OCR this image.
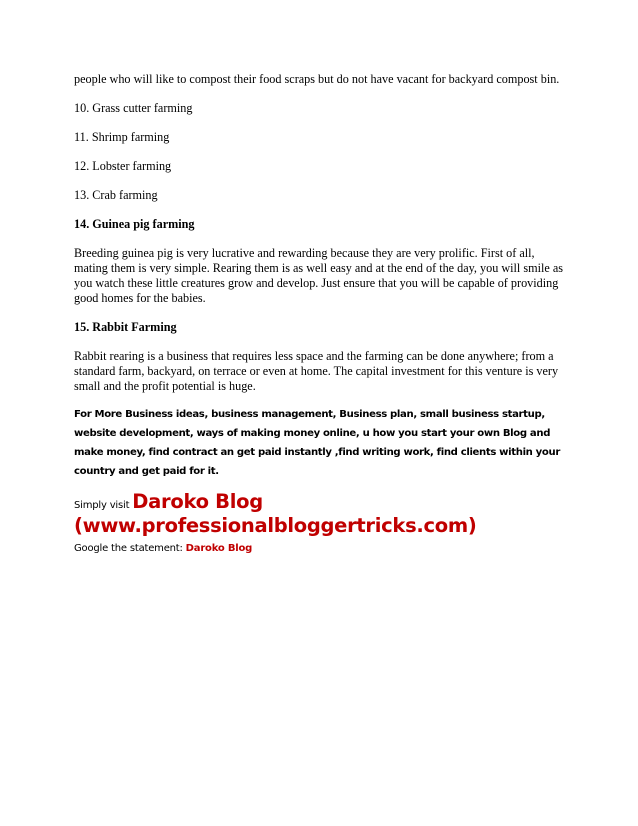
people who will like to compost their food scraps but do not have vacant for backyard compost bin.

10. Grass cutter farming

11. Shrimp farming

12. Lobster farming

13. Crab farming

14. Guinea pig farming

Breeding guinea pig is very lucrative and rewarding because they are very prolific. First of all, mating them is very simple. Rearing them is as well easy and at the end of the day, you will smile as you watch these little creatures grow and develop. Just ensure that you will be capable of providing good homes for the babies.

15. Rabbit Farming

Rabbit rearing is a business that requires less space and the farming can be done anywhere; from a standard farm, backyard, on terrace or even at home. The capital investment for this venture is very small and the profit potential is huge.

For More Business ideas, business management, Business plan, small business startup, website development, ways of making money online, u how you start your own Blog and make money, find contract an get paid instantly ,find writing work, find clients within your country and get paid for it.

Simply visit Daroko Blog
(www.professionalbloggertricks.com)
Google the statement: Daroko Blog
